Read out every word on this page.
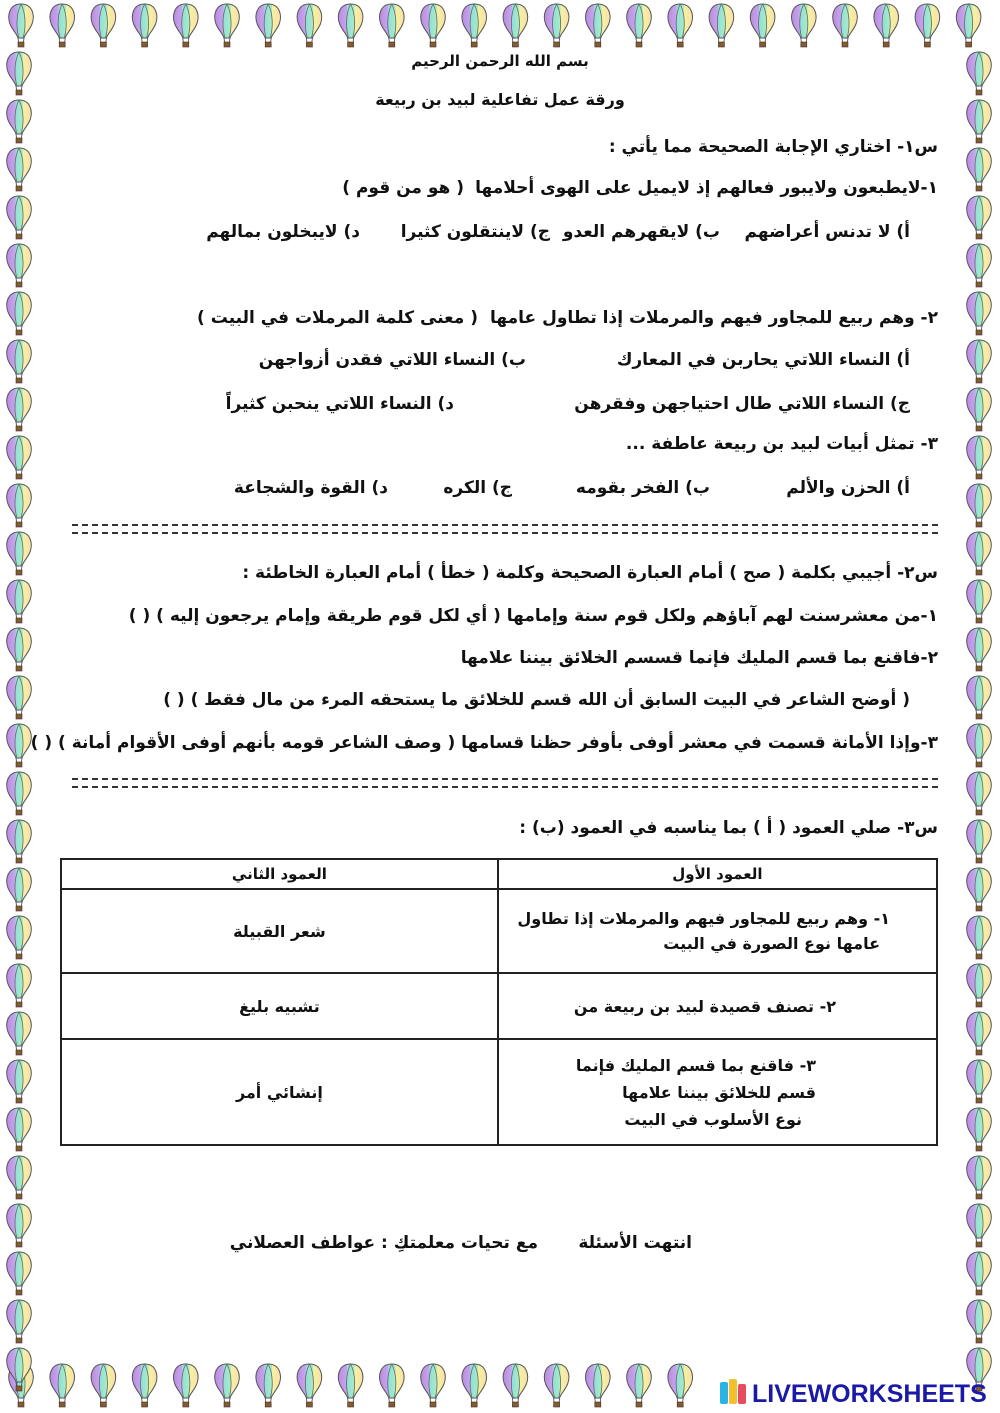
بسم الله الرحمن الرحيم
ورقة عمل تفاعلية لبيد بن ربيعة
س١- اختاري الإجابة الصحيحة مما يأتي :
١-لايطبعون ولايبور فعالهم إذ لايميل على الهوى أحلامها
( هو من قوم )
أ) لا تدنس أعراضهم
ب) لايقهرهم العدو
ج) لاينتقلون كثيرا
د) لايبخلون بمالهم
٢- وهم ربيع للمجاور فيهم والمرملات إذا تطاول عامها
( معنى كلمة المرملات في البيت )
أ) النساء اللاتي يحاربن في المعارك
ب) النساء اللاتي فقدن أزواجهن
ج) النساء اللاتي طال احتياجهن وفقرهن
د) النساء اللاتي ينحبن كثيراً
٣- تمثل أبيات لبيد بن ربيعة عاطفة ...
أ) الحزن والألم
ب) الفخر بقومه
ج) الكره
د) القوة والشجاعة
س٢- أجيبي بكلمة ( صح ) أمام العبارة الصحيحة وكلمة ( خطأ ) أمام العبارة الخاطئة :
١-من معشرسنت لهم آباؤهم ولكل قوم سنة وإمامها ( أي لكل قوم طريقة وإمام يرجعون إليه ) ( )
٢-فاقنع بما قسم المليك فإنما قسسم الخلائق بيننا علامها
( أوضح الشاعر في البيت السابق أن الله قسم للخلائق ما يستحقه المرء من مال فقط ) ( )
٣-وإذا الأمانة قسمت في معشر أوفى بأوفر حظنا قسامها ( وصف الشاعر قومه بأنهم أوفى الأقوام أمانة ) ( )
س٣- صلي العمود ( أ ) بما يناسبه في العمود (ب) :
العمود الأول	العمود الثاني

١- وهم ربيع للمجاور فيهم والمرملات إذا تطاول
عامها نوع الصورة في البيت	شعر القبيلة
٢- تصنف قصيدة لبيد بن ربيعة من	تشبيه بليغ

٣- فاقنع بما قسم المليك فإنما
قسم للخلائق بيننا علامها
نوع الأسلوب في البيت	إنشائي أمر
انتهت الأسئلة
مع تحيات معلمتكِ : عواطف العصلاني
LIVEWORKSHEETS
